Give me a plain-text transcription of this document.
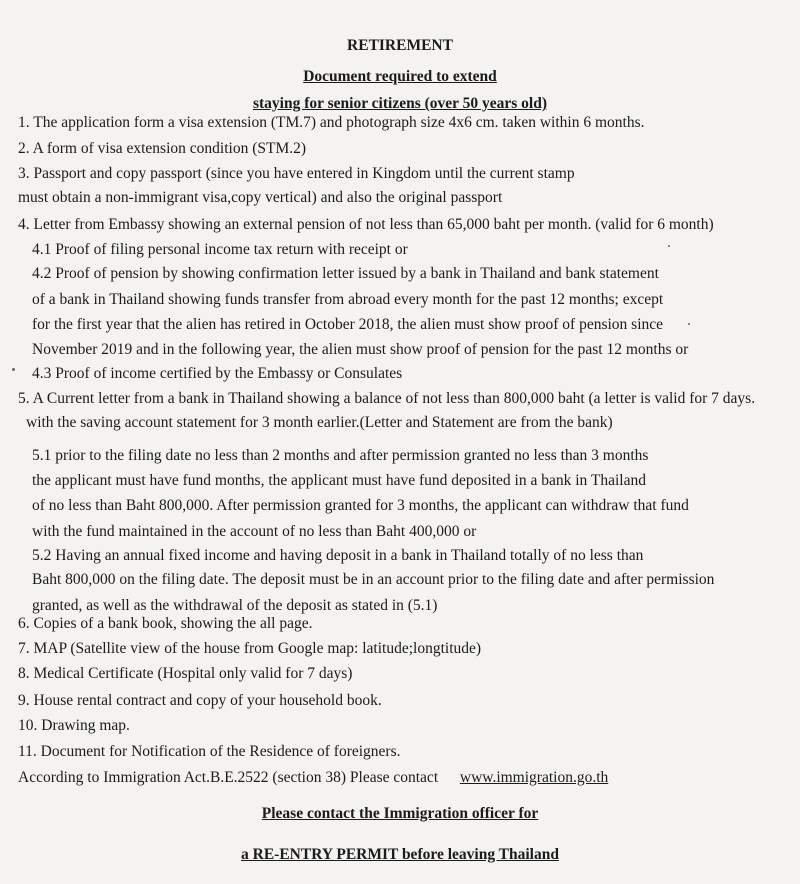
RETIREMENT
Document required to extend
staying for senior citizens (over 50 years old)
1. The application form a visa extension (TM.7) and photograph size 4x6 cm. taken within 6 months.
2. A form of visa extension condition (STM.2)
3. Passport and copy passport (since you have entered in Kingdom until the current stamp
must obtain a non-immigrant visa,copy vertical) and also the original passport
4. Letter from Embassy showing an external pension of not less than 65,000 baht per month. (valid for 6 month)
4.1 Proof of filing personal income tax return with receipt or
4.2 Proof of pension by showing confirmation letter issued by a bank in Thailand and bank statement
of a bank in Thailand showing funds transfer from abroad every month for the past 12 months; except
for the first year that the alien has retired in October 2018, the alien must show proof of pension since
November 2019 and in the following year, the alien must show proof of pension for the past 12 months or
4.3 Proof of income certified by the Embassy or Consulates
5. A Current letter from a bank in Thailand showing a balance of not less than 800,000 baht (a letter is valid for 7 days.
with the saving account statement for 3 month earlier.(Letter and Statement are from the bank)
5.1 prior to the filing date no less than 2 months and after permission granted no less than 3 months
the applicant must have fund months, the applicant must have fund deposited in a bank in Thailand
of no less than Baht 800,000. After permission granted for 3 months, the applicant can withdraw that fund
with the fund maintained in the account of no less than Baht 400,000 or
5.2 Having an annual fixed income and having deposit in a bank in Thailand totally of no less than
Baht 800,000 on the filing date. The deposit must be in an account prior to the filing date and after permission
granted, as well as the withdrawal of the deposit as stated in (5.1)
6. Copies of a bank book, showing the all page.
7. MAP (Satellite view of the house from Google map: latitude;longtitude)
8. Medical Certificate (Hospital only valid for 7 days)
9. House rental contract and copy of your household book.
10. Drawing map.
11. Document for Notification of the Residence of foreigners.
According to Immigration Act.B.E.2522 (section 38) Please contact www.immigration.go.th
Please contact the Immigration officer for
a RE-ENTRY PERMIT before leaving Thailand
